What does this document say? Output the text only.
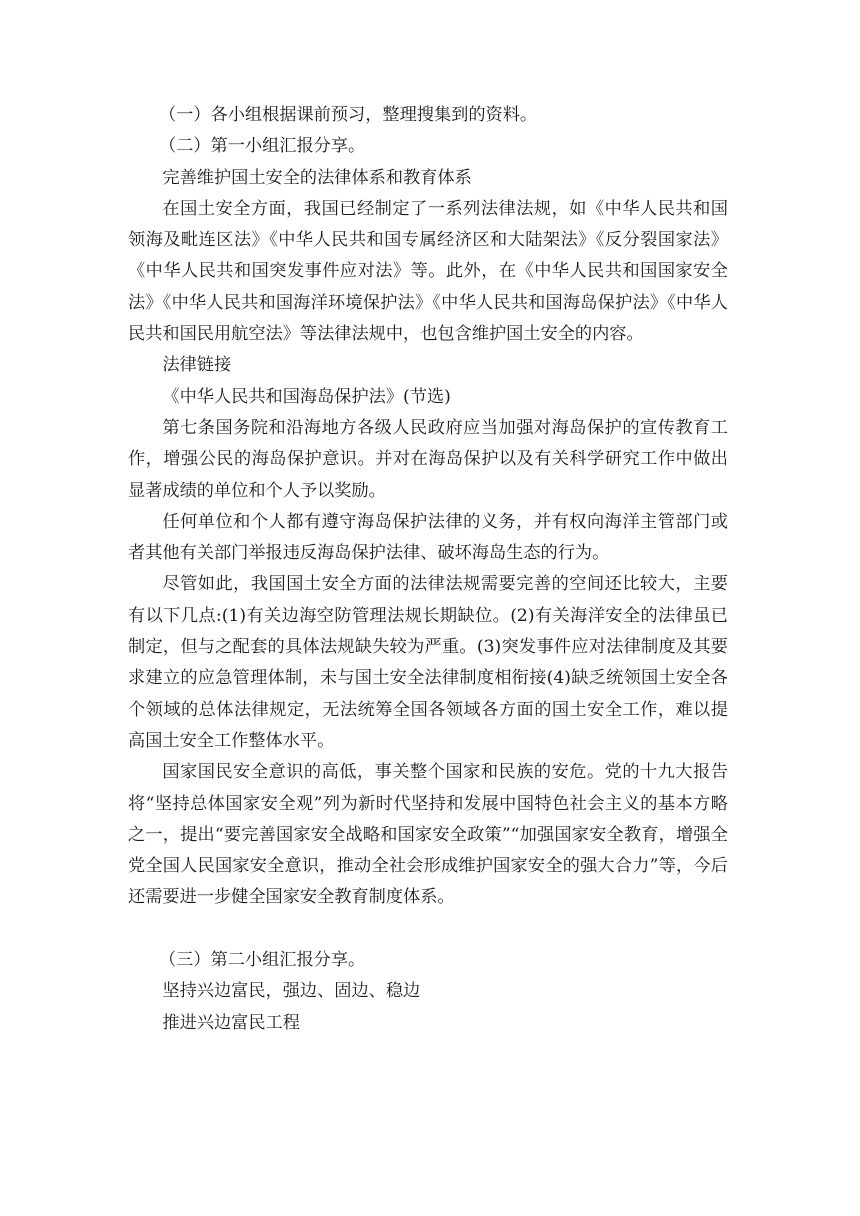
（一）各小组根据课前预习，整理搜集到的资料。

（二）第一小组汇报分享。

完善维护国土安全的法律体系和教育体系

在国土安全方面，我国已经制定了一系列法律法规，如《中华人民共和国领海及毗连区法》《中华人民共和国专属经济区和大陆架法》《反分裂国家法》《中华人民共和国突发事件应对法》等。此外，在《中华人民共和国国家安全法》《中华人民共和国海洋环境保护法》《中华人民共和国海岛保护法》《中华人民共和国民用航空法》等法律法规中，也包含维护国土安全的内容。

法律链接

《中华人民共和国海岛保护法》(节选)

第七条国务院和沿海地方各级人民政府应当加强对海岛保护的宣传教育工作，增强公民的海岛保护意识。并对在海岛保护以及有关科学研究工作中做出显著成绩的单位和个人予以奖励。

任何单位和个人都有遵守海岛保护法律的义务，并有权向海洋主管部门或者其他有关部门举报违反海岛保护法律、破坏海岛生态的行为。

尽管如此，我国国土安全方面的法律法规需要完善的空间还比较大，主要有以下几点:(1)有关边海空防管理法规长期缺位。(2)有关海洋安全的法律虽已制定，但与之配套的具体法规缺失较为严重。(3)突发事件应对法律制度及其要求建立的应急管理体制，未与国土安全法律制度相衔接(4)缺乏统领国土安全各个领域的总体法律规定，无法统筹全国各领域各方面的国土安全工作，难以提高国土安全工作整体水平。

国家国民安全意识的高低，事关整个国家和民族的安危。党的十九大报告将“坚持总体国家安全观”列为新时代坚持和发展中国特色社会主义的基本方略之一，提出“要完善国家安全战略和国家安全政策”“加强国家安全教育，增强全党全国人民国家安全意识，推动全社会形成维护国家安全的强大合力”等，今后还需要进一步健全国家安全教育制度体系。

（三）第二小组汇报分享。

坚持兴边富民，强边、固边、稳边

推进兴边富民工程
